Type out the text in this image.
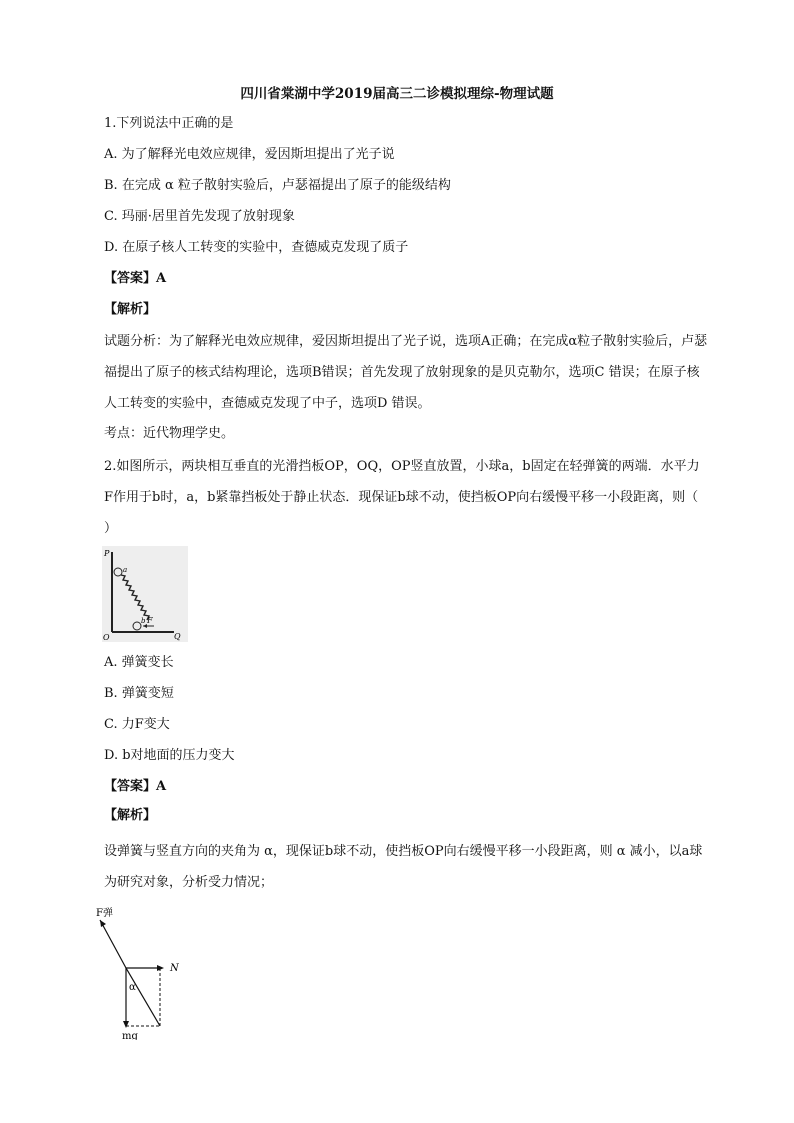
四川省棠湖中学2019届高三二诊模拟理综-物理试题
1.下列说法中正确的是
A. 为了解释光电效应规律，爱因斯坦提出了光子说
B. 在完成 α 粒子散射实验后，卢瑟福提出了原子的能级结构
C. 玛丽·居里首先发现了放射现象
D. 在原子核人工转变的实验中，查德威克发现了质子
【答案】A
【解析】
试题分析：为了解释光电效应规律，爱因斯坦提出了光子说，选项A正确；在完成α粒子散射实验后，卢瑟福提出了原子的核式结构理论，选项B错误；首先发现了放射现象的是贝克勒尔，选项C 错误；在原子核人工转变的实验中，查德威克发现了中子，选项D 错误。
考点：近代物理学史。
2.如图所示，两块相互垂直的光滑挡板OP，OQ，OP竖直放置，小球a，b固定在轻弹簧的两端．水平力F作用于b时，a，b紧靠挡板处于静止状态．现保证b球不动，使挡板OP向右缓慢平移一小段距离，则（ ）
P
a
b F
O	Q
A. 弹簧变长
B. 弹簧变短
C. 力F变大
D. b对地面的压力变大
【答案】A
【解析】
设弹簧与竖直方向的夹角为 α，现保证b球不动，使挡板OP向右缓慢平移一小段距离，则 α 减小，以a球为研究对象，分析受力情况；
F弹
N
α
mg
